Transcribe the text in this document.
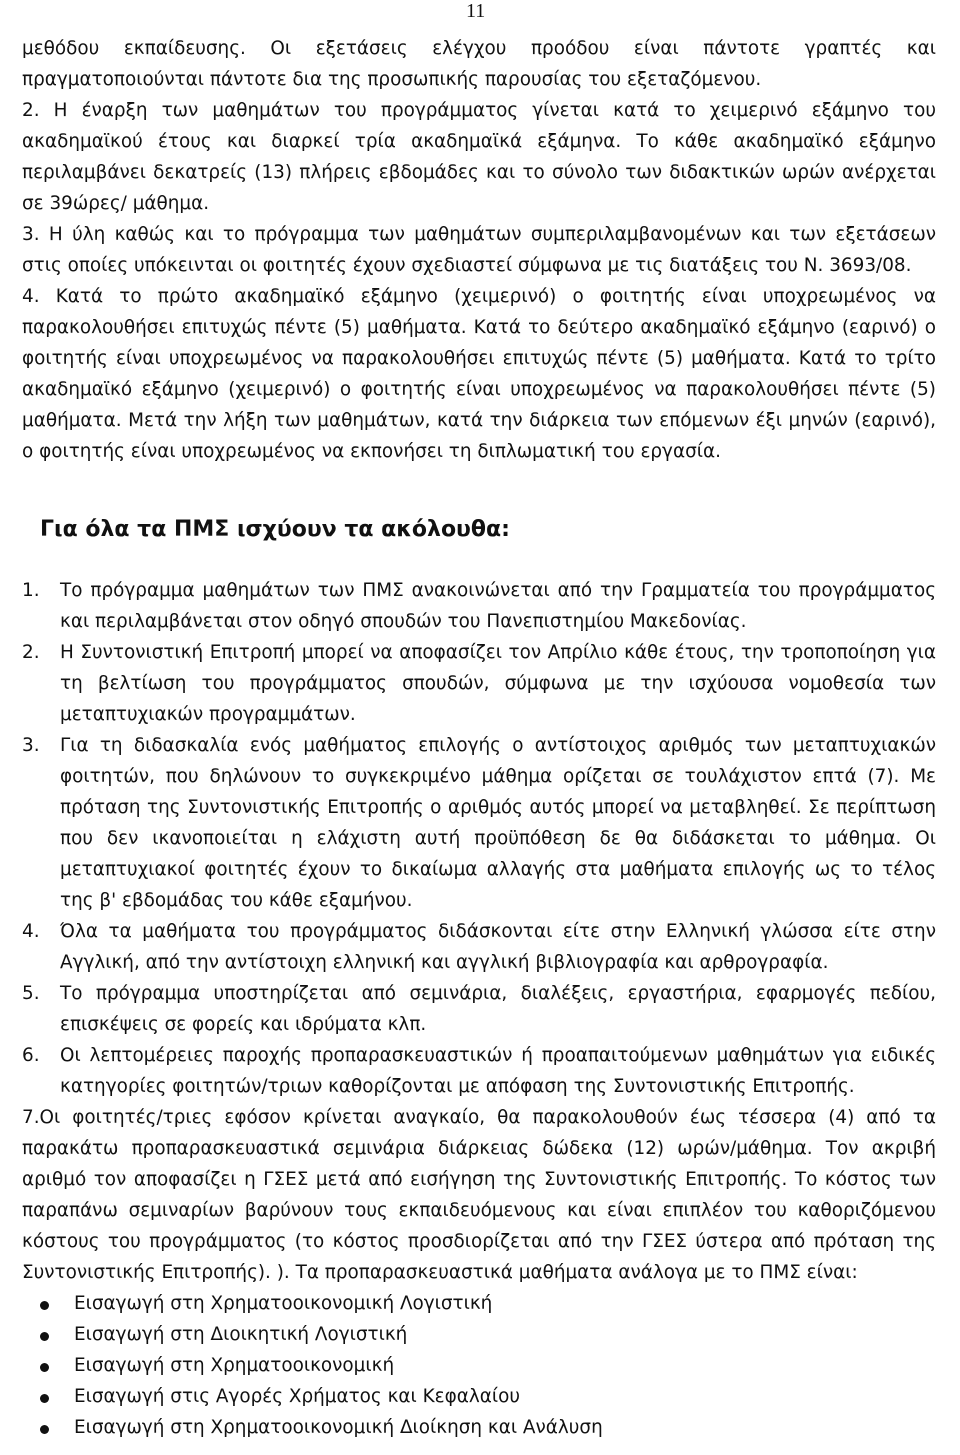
11

μεθόδου εκπαίδευσης. Οι εξετάσεις ελέγχου προόδου είναι πάντοτε γραπτές και πραγματοποιούνται πάντοτε δια της προσωπικής παρουσίας του εξεταζόμενου.

2. Η έναρξη των μαθημάτων του προγράμματος γίνεται κατά το χειμερινό εξάμηνο του ακαδημαϊκού έτους και διαρκεί τρία ακαδημαϊκά εξάμηνα. Το κάθε ακαδημαϊκό εξάμηνο περιλαμβάνει δεκατρείς (13) πλήρεις εβδομάδες και το σύνολο των διδακτικών ωρών ανέρχεται σε 39ώρες/ μάθημα.

3. Η ύλη καθώς και το πρόγραμμα των μαθημάτων συμπεριλαμβανομένων και των εξετάσεων στις οποίες υπόκεινται οι φοιτητές έχουν σχεδιαστεί σύμφωνα με τις διατάξεις του Ν. 3693/08.

4. Κατά το πρώτο ακαδημαϊκό εξάμηνο (χειμερινό) ο φοιτητής είναι υποχρεωμένος να παρακολουθήσει επιτυχώς πέντε (5) μαθήματα. Κατά το δεύτερο ακαδημαϊκό εξάμηνο (εαρινό) ο φοιτητής είναι υποχρεωμένος να παρακολουθήσει επιτυχώς πέντε (5) μαθήματα. Κατά το τρίτο ακαδημαϊκό εξάμηνο (χειμερινό) ο φοιτητής είναι υποχρεωμένος να παρακολουθήσει πέντε (5) μαθήματα. Μετά την λήξη των μαθημάτων, κατά την διάρκεια των επόμενων έξι μηνών (εαρινό), ο φοιτητής είναι υποχρεωμένος να εκπονήσει τη διπλωματική του εργασία.

Για όλα τα ΠΜΣ ισχύουν τα ακόλουθα:

1. Το πρόγραμμα μαθημάτων των ΠΜΣ ανακοινώνεται από την Γραμματεία του προγράμματος και περιλαμβάνεται στον οδηγό σπουδών του Πανεπιστημίου Μακεδονίας.

2. Η Συντονιστική Επιτροπή μπορεί να αποφασίζει τον Απρίλιο κάθε έτους, την τροποποίηση για τη βελτίωση του προγράμματος σπουδών, σύμφωνα με την ισχύουσα νομοθεσία των μεταπτυχιακών προγραμμάτων.

3. Για τη διδασκαλία ενός μαθήματος επιλογής ο αντίστοιχος αριθμός των μεταπτυχιακών φοιτητών, που δηλώνουν το συγκεκριμένο μάθημα ορίζεται σε τουλάχιστον επτά (7). Με πρόταση της Συντονιστικής Επιτροπής ο αριθμός αυτός μπορεί να μεταβληθεί. Σε περίπτωση που δεν ικανοποιείται η ελάχιστη αυτή προϋπόθεση δε θα διδάσκεται το μάθημα. Οι μεταπτυχιακοί φοιτητές έχουν το δικαίωμα αλλαγής στα μαθήματα επιλογής ως το τέλος της β' εβδομάδας του κάθε εξαμήνου.

4. Όλα τα μαθήματα του προγράμματος διδάσκονται είτε στην Ελληνική γλώσσα είτε στην Αγγλική, από την αντίστοιχη ελληνική και αγγλική βιβλιογραφία και αρθρογραφία.

5. Το πρόγραμμα υποστηρίζεται από σεμινάρια, διαλέξεις, εργαστήρια, εφαρμογές πεδίου, επισκέψεις σε φορείς και ιδρύματα κλπ.

6. Οι λεπτομέρειες παροχής προπαρασκευαστικών ή προαπαιτούμενων μαθημάτων για ειδικές κατηγορίες φοιτητών/τριων καθορίζονται με απόφαση της Συντονιστικής Επιτροπής.

7.Οι φοιτητές/τριες εφόσον κρίνεται αναγκαίο, θα παρακολουθούν έως τέσσερα (4) από τα παρακάτω προπαρασκευαστικά σεμινάρια διάρκειας δώδεκα (12) ωρών/μάθημα. Τον ακριβή αριθμό τον αποφασίζει η ΓΣΕΣ μετά από εισήγηση της Συντονιστικής Επιτροπής. Το κόστος των παραπάνω σεμιναρίων βαρύνουν τους εκπαιδευόμενους και είναι επιπλέον του καθοριζόμενου κόστους του προγράμματος (το κόστος προσδιορίζεται από την ΓΣΕΣ ύστερα από πρόταση της Συντονιστικής Επιτροπής). ). Τα προπαρασκευαστικά μαθήματα ανάλογα με το ΠΜΣ είναι:

Εισαγωγή στη Χρηματοοικονομική Λογιστική
Εισαγωγή στη Διοικητική Λογιστική
Εισαγωγή στη Χρηματοοικονομική
Εισαγωγή στις Αγορές Χρήματος και Κεφαλαίου
Εισαγωγή στη Χρηματοοικονομική Διοίκηση και Ανάλυση
